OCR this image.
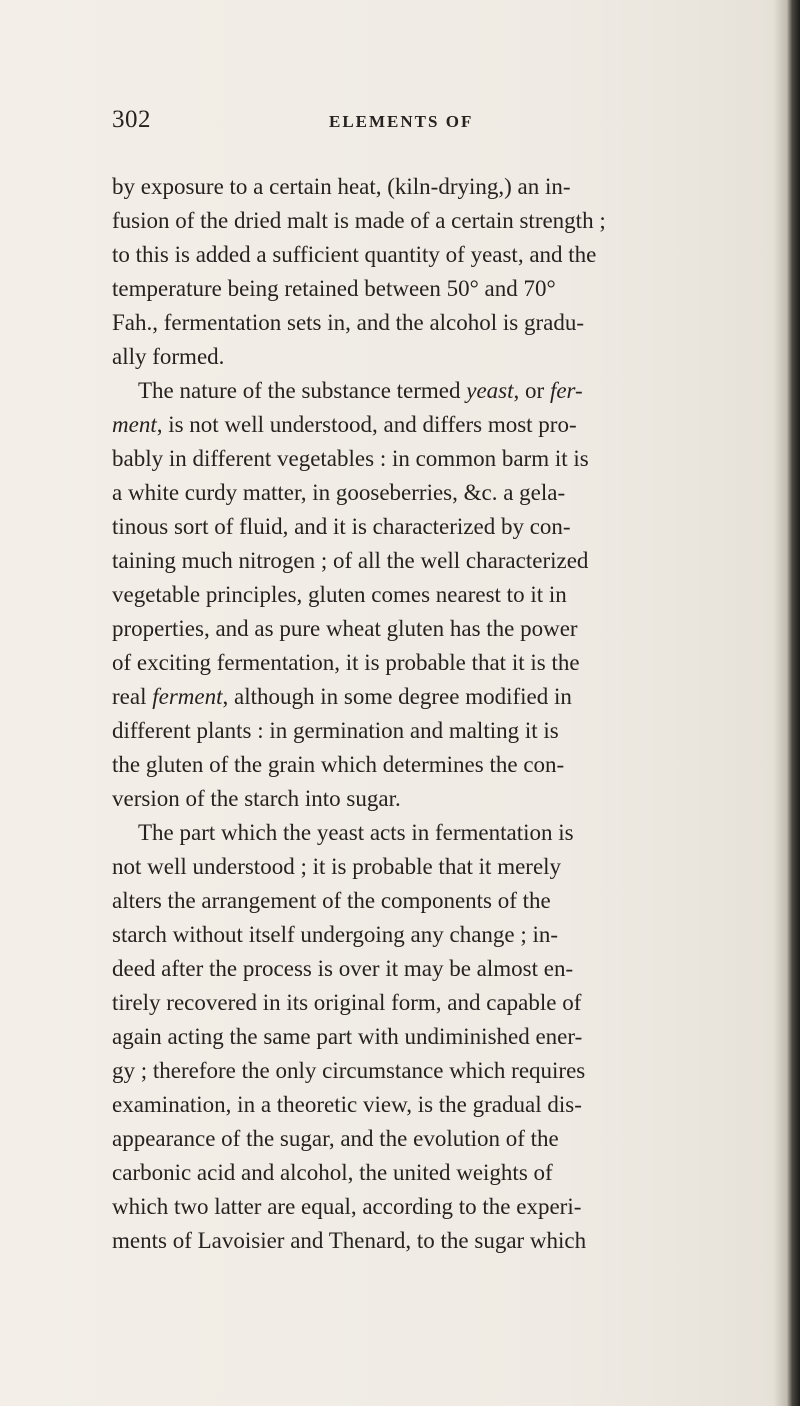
302	ELEMENTS OF
by exposure to a certain heat, (kiln-drying,) an in-
fusion of the dried malt is made of a certain strength ;
to this is added a sufficient quantity of yeast, and the
temperature being retained between 50° and 70°
Fah., fermentation sets in, and the alcohol is gradu-
ally formed.
The nature of the substance termed yeast, or fer-
ment, is not well understood, and differs most pro-
bably in different vegetables : in common barm it is
a white curdy matter, in gooseberries, &c. a gela-
tinous sort of fluid, and it is characterized by con-
taining much nitrogen ; of all the well characterized
vegetable principles, gluten comes nearest to it in
properties, and as pure wheat gluten has the power
of exciting fermentation, it is probable that it is the
real ferment, although in some degree modified in
different plants : in germination and malting it is
the gluten of the grain which determines the con-
version of the starch into sugar.
The part which the yeast acts in fermentation is
not well understood ; it is probable that it merely
alters the arrangement of the components of the
starch without itself undergoing any change ; in-
deed after the process is over it may be almost en-
tirely recovered in its original form, and capable of
again acting the same part with undiminished ener-
gy ; therefore the only circumstance which requires
examination, in a theoretic view, is the gradual dis-
appearance of the sugar, and the evolution of the
carbonic acid and alcohol, the united weights of
which two latter are equal, according to the experi-
ments of Lavoisier and Thenard, to the sugar which
